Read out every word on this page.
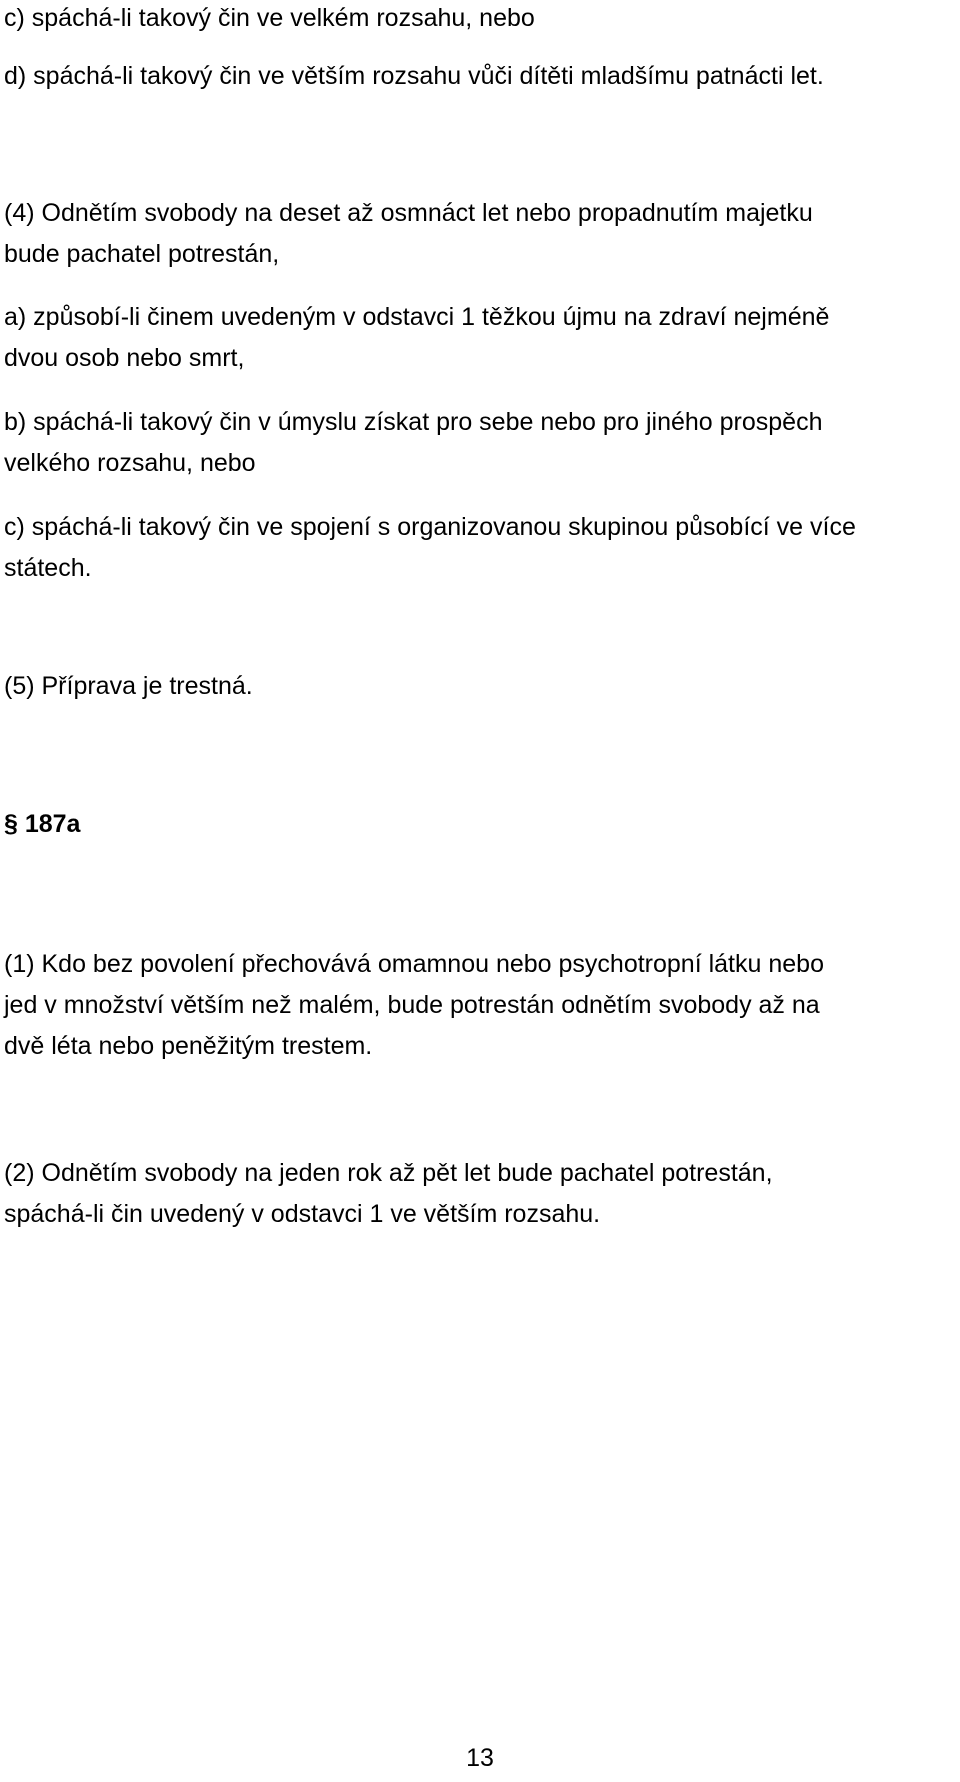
c) spáchá-li takový čin ve velkém rozsahu, nebo

d) spáchá-li takový čin ve větším rozsahu vůči dítěti mladšímu patnácti let.

(4) Odnětím svobody na deset až osmnáct let nebo propadnutím majetku
bude pachatel potrestán,

a) způsobí-li činem uvedeným v odstavci 1 těžkou újmu na zdraví nejméně
dvou osob nebo smrt,

b) spáchá-li takový čin v úmyslu získat pro sebe nebo pro jiného prospěch
velkého rozsahu, nebo

c) spáchá-li takový čin ve spojení s organizovanou skupinou působící ve více
státech.

(5) Příprava je trestná.

§ 187a

(1) Kdo bez povolení přechovává omamnou nebo psychotropní látku nebo
jed v množství větším než malém, bude potrestán odnětím svobody až na
dvě léta nebo peněžitým trestem.

(2) Odnětím svobody na jeden rok až pět let bude pachatel potrestán,
spáchá-li čin uvedený v odstavci 1 ve větším rozsahu.

13
